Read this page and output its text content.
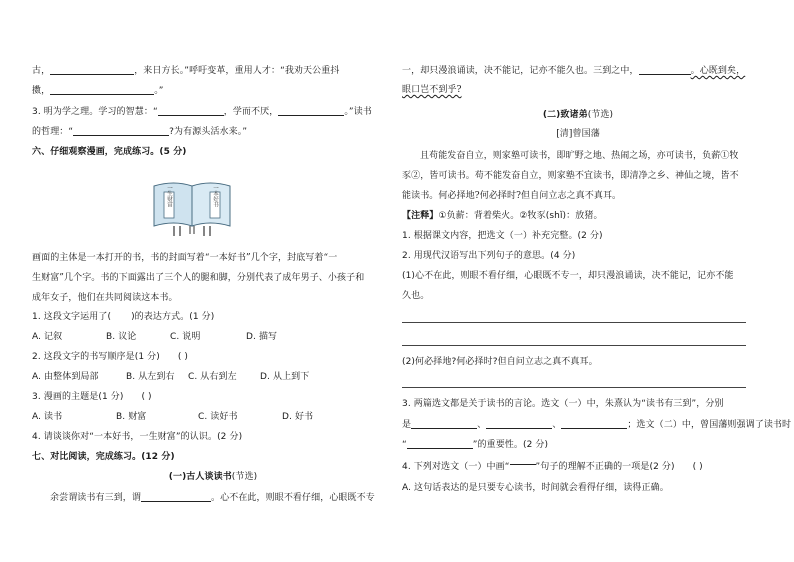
古，	，来日方长。”呼吁变革，重用人才：“我劝天公重抖
擞，	。”
3. 明为学之理。学习的智慧：“	，学而不厌，	。”读书
的哲理：“	?为有源头活水来。”
六、仔细观察漫画，完成练习。(5 分)
一生财富	一本好书
画面的主体是一本打开的书，书的封面写着“一本好书”几个字，封底写着“一
生财富”几个字。书的下面露出了三个人的腿和脚，分别代表了成年男子、小孩子和
成年女子，他们在共同阅读这本书。
1. 这段文字运用了( )的表达方式。(1 分)
A. 记叙	B. 议论	C. 说明	D. 描写
2. 这段文字的书写顺序是(1 分) ( )
A. 由整体到局部	B. 从左到右 C. 从右到左	D. 从上到下
3. 漫画的主题是(1 分) ( )
A. 读书	B. 财富	C. 读好书	D. 好书
4. 请谈谈你对“一本好书，一生财富”的认识。(2 分)
七、对比阅读，完成练习。(12 分)
(一)古人谈读书(节选)
余尝谓读书有三到，谓	。心不在此，则眼不看仔细，心眼既不专
一，却只漫浪诵读，决不能记，记亦不能久也。三到之中，	。心既到矣，
眼口岂不到乎?
(二)致诸弟(节选)
[清]曾国藩
且苟能发奋自立，则家塾可读书，即旷野之地、热闹之场，亦可读书，负薪①牧
豕②，皆可读书。苟不能发奋自立，则家塾不宜读书，即清净之乡、神仙之境，皆不
能读书。何必择地?何必择时?但自问立志之真不真耳。
【注释】①负薪：背着柴火。②牧豕(shǐ)：放猪。
1. 根据课文内容，把选文（一）补充完整。(2 分)
2. 用现代汉语写出下列句子的意思。(4 分)
(1)心不在此，则眼不看仔细，心眼既不专一，却只漫浪诵读，决不能记，记亦不能
久也。
(2)何必择地?何必择时?但自问立志之真不真耳。
3. 两篇选文都是关于读书的言论。选文（一）中，朱熹认为“读书有三到”，分别
是	、	、	；选文（二）中，曾国藩则强调了读书时
“	”的重要性。(2 分)
4. 下列对选文（一）中画“	”句子的理解不正确的一项是(2 分) ( )
A. 这句话表达的是只要专心读书，时间就会看得仔细，读得正确。
